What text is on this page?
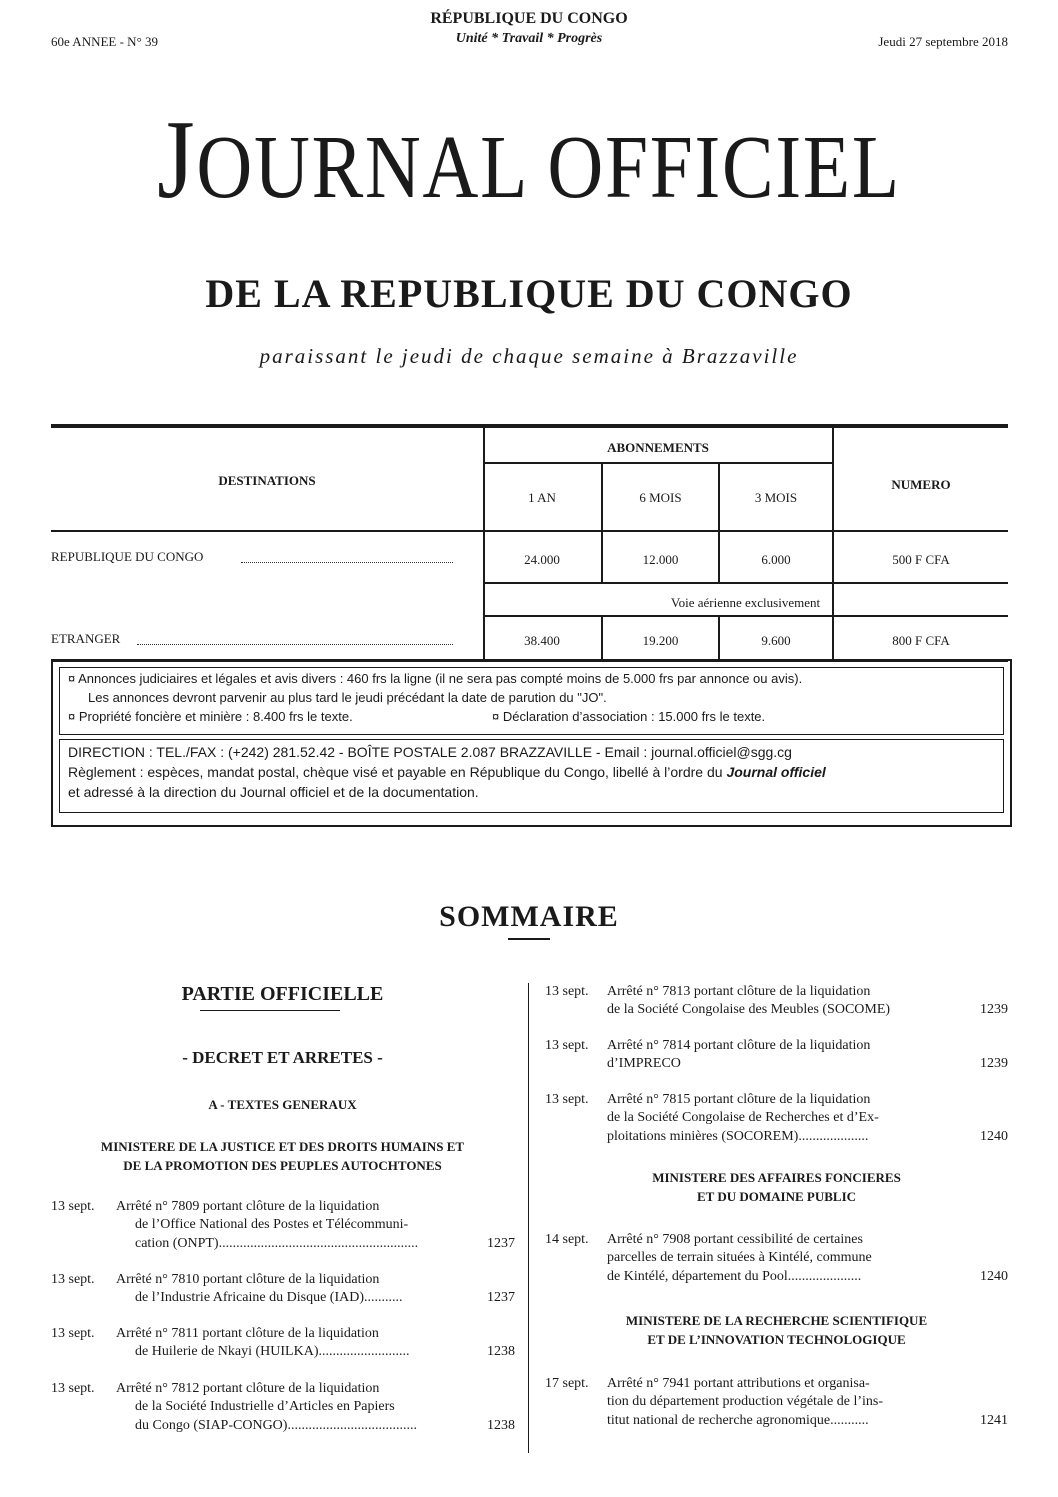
60e ANNEE - N° 39
RÉPUBLIQUE DU CONGO
Unité * Travail * Progrès	Jeudi 27 septembre 2018
JOURNAL OFFICIEL
DE LA REPUBLIQUE DU CONGO
paraissant le jeudi de chaque semaine à Brazzaville
DESTINATIONS
ABONNEMENTS
NUMERO
1 AN	6 MOIS	3 MOIS
REPUBLIQUE DU CONGO	24.000	12.000	6.000	500 F CFA
Voie aérienne exclusivement
ETRANGER	38.400	19.200	9.600	800 F CFA
¤ Annonces judiciaires et légales et avis divers : 460 frs la ligne (il ne sera pas compté moins de 5.000 frs par annonce ou avis).
Les annonces devront parvenir au plus tard le jeudi précédant la date de parution du "JO".
¤ Propriété foncière et minière : 8.400 frs le texte.	¤ Déclaration d’association : 15.000 frs le texte.
DIRECTION : TEL./FAX : (+242) 281.52.42 - BOÎTE POSTALE 2.087 BRAZZAVILLE - Email : journal.officiel@sgg.cg
Règlement : espèces, mandat postal, chèque visé et payable en République du Congo, libellé à l’ordre du Journal officiel
et adressé à la direction du Journal officiel et de la documentation.
SOMMAIRE
PARTIE OFFICIELLE
- DECRET ET ARRETES -
A - TEXTES GENERAUX
MINISTERE DE LA JUSTICE ET DES DROITS HUMAINS ET
DE LA PROMOTION DES PEUPLES AUTOCHTONES
13 sept. Arrêté n° 7809 portant clôture de la liquidation
de l’Office National des Postes et Télécommuni-
cation (ONPT).........................................................	1237
13 sept. Arrêté n° 7810 portant clôture de la liquidation
de l’Industrie Africaine du Disque (IAD)...........	1237
13 sept. Arrêté n° 7811 portant clôture de la liquidation
de Huilerie de Nkayi (HUILKA)..........................	1238
13 sept. Arrêté n° 7812 portant clôture de la liquidation
de la Société Industrielle d’Articles en Papiers
du Congo (SIAP-CONGO).....................................	1238
13 sept. Arrêté n° 7813 portant clôture de la liquidation
de la Société Congolaise des Meubles (SOCOME)	1239
13 sept. Arrêté n° 7814 portant clôture de la liquidation
d’IMPRECO	1239
13 sept. Arrêté n° 7815 portant clôture de la liquidation
de la Société Congolaise de Recherches et d’Ex-
ploitations minières (SOCOREM)....................	1240
MINISTERE DES AFFAIRES FONCIERES
ET DU DOMAINE PUBLIC
14 sept. Arrêté n° 7908 portant cessibilité de certaines
parcelles de terrain situées à Kintélé, commune
de Kintélé, département du Pool.....................	1240
MINISTERE DE LA RECHERCHE SCIENTIFIQUE
ET DE L’INNOVATION TECHNOLOGIQUE
17 sept. Arrêté n° 7941 portant attributions et organisa-
tion du département production végétale de l’ins-
titut national de recherche agronomique...........	1241
